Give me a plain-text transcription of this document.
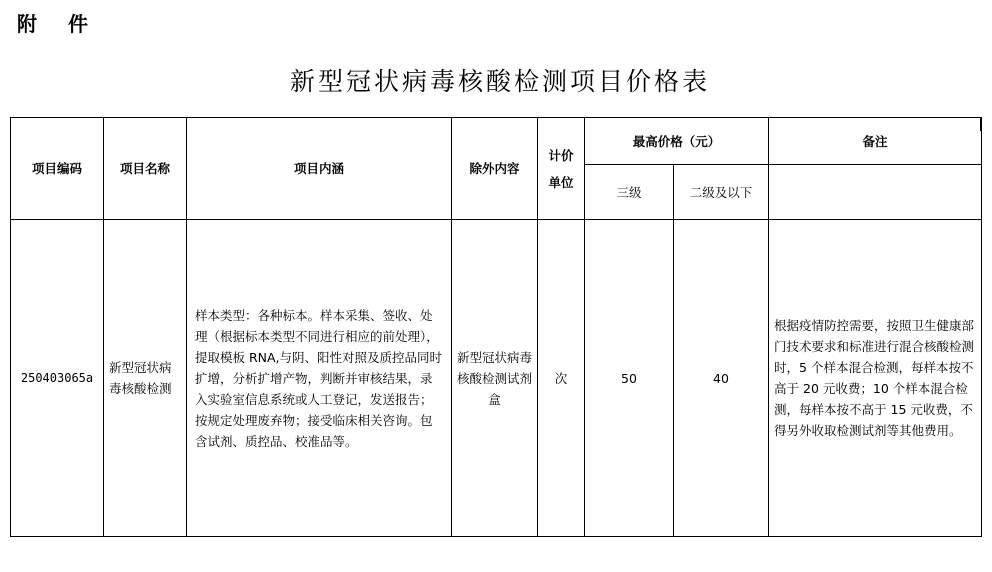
附 件
新型冠状病毒核酸检测项目价格表
项目编码	项目名称	项目内涵	除外内容	计价
单位	最高价格（元）		备注
					三级	二级及以下	
250403065a	新型冠状病毒核酸检测	样本类型：各种标本。样本采集、签收、处理（根据标本类型不同进行相应的前处理），提取模板 RNA,与阴、阳性对照及质控品同时扩增，分析扩增产物，判断并审核结果，录入实验室信息系统或人工登记，发送报告；按规定处理废弃物；接受临床相关咨询。包含试剂、质控品、校准品等。	新型冠状病毒核酸检测试剂盒	次	50	40	根据疫情防控需要，按照卫生健康部门技术要求和标准进行混合核酸检测时，5 个样本混合检测，每样本按不高于 20 元收费；10 个样本混合检测，每样本按不高于 15 元收费，不得另外收取检测试剂等其他费用。
